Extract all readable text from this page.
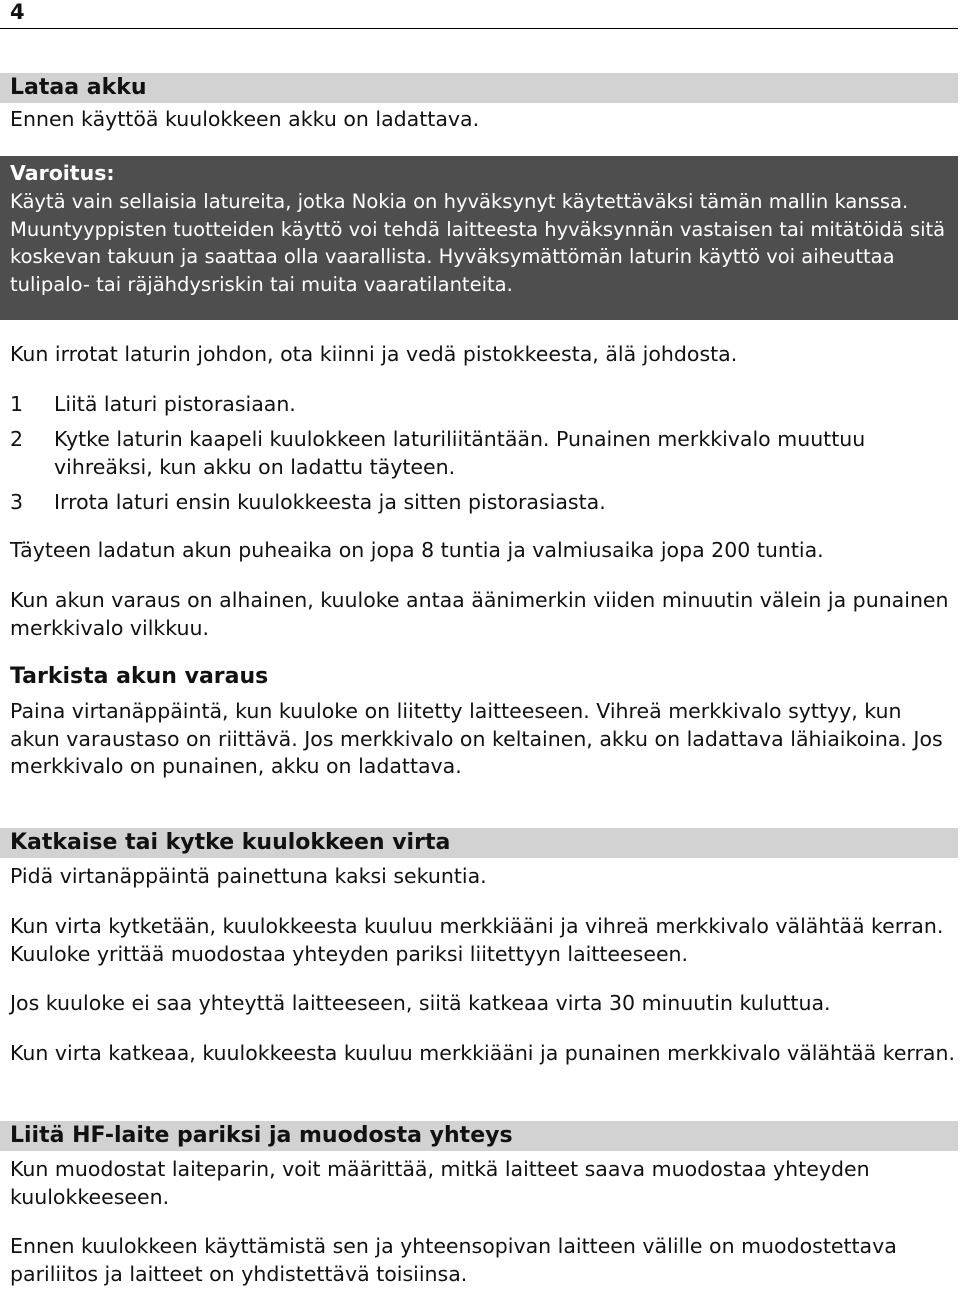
4
Lataa akku
Ennen käyttöä kuulokkeen akku on ladattava.
Varoitus:
Käytä vain sellaisia latureita, jotka Nokia on hyväksynyt käytettäväksi tämän mallin kanssa. Muuntyyppisten tuotteiden käyttö voi tehdä laitteesta hyväksynnän vastaisen tai mitätöidä sitä koskevan takuun ja saattaa olla vaarallista. Hyväksymättömän laturin käyttö voi aiheuttaa tulipalo- tai räjähdysriskin tai muita vaaratilanteita.
Kun irrotat laturin johdon, ota kiinni ja vedä pistokkeesta, älä johdosta.
1	Liitä laturi pistorasiaan.
2	Kytke laturin kaapeli kuulokkeen laturiliitäntään. Punainen merkkivalo muuttuu vihreäksi, kun akku on ladattu täyteen.
3	Irrota laturi ensin kuulokkeesta ja sitten pistorasiasta.
Täyteen ladatun akun puheaika on jopa 8 tuntia ja valmiusaika jopa 200 tuntia.
Kun akun varaus on alhainen, kuuloke antaa äänimerkin viiden minuutin välein ja punainen merkkivalo vilkkuu.
Tarkista akun varaus
Paina virtanäppäintä, kun kuuloke on liitetty laitteeseen. Vihreä merkkivalo syttyy, kun akun varaustaso on riittävä. Jos merkkivalo on keltainen, akku on ladattava lähiaikoina. Jos merkkivalo on punainen, akku on ladattava.
Katkaise tai kytke kuulokkeen virta
Pidä virtanäppäintä painettuna kaksi sekuntia.
Kun virta kytketään, kuulokkeesta kuuluu merkkiääni ja vihreä merkkivalo välähtää kerran. Kuuloke yrittää muodostaa yhteyden pariksi liitettyyn laitteeseen.
Jos kuuloke ei saa yhteyttä laitteeseen, siitä katkeaa virta 30 minuutin kuluttua.
Kun virta katkeaa, kuulokkeesta kuuluu merkkiääni ja punainen merkkivalo välähtää kerran.
Liitä HF-laite pariksi ja muodosta yhteys
Kun muodostat laiteparin, voit määrittää, mitkä laitteet saava muodostaa yhteyden kuulokkeeseen.
Ennen kuulokkeen käyttämistä sen ja yhteensopivan laitteen välille on muodostettava pariliitos ja laitteet on yhdistettävä toisiinsa.
